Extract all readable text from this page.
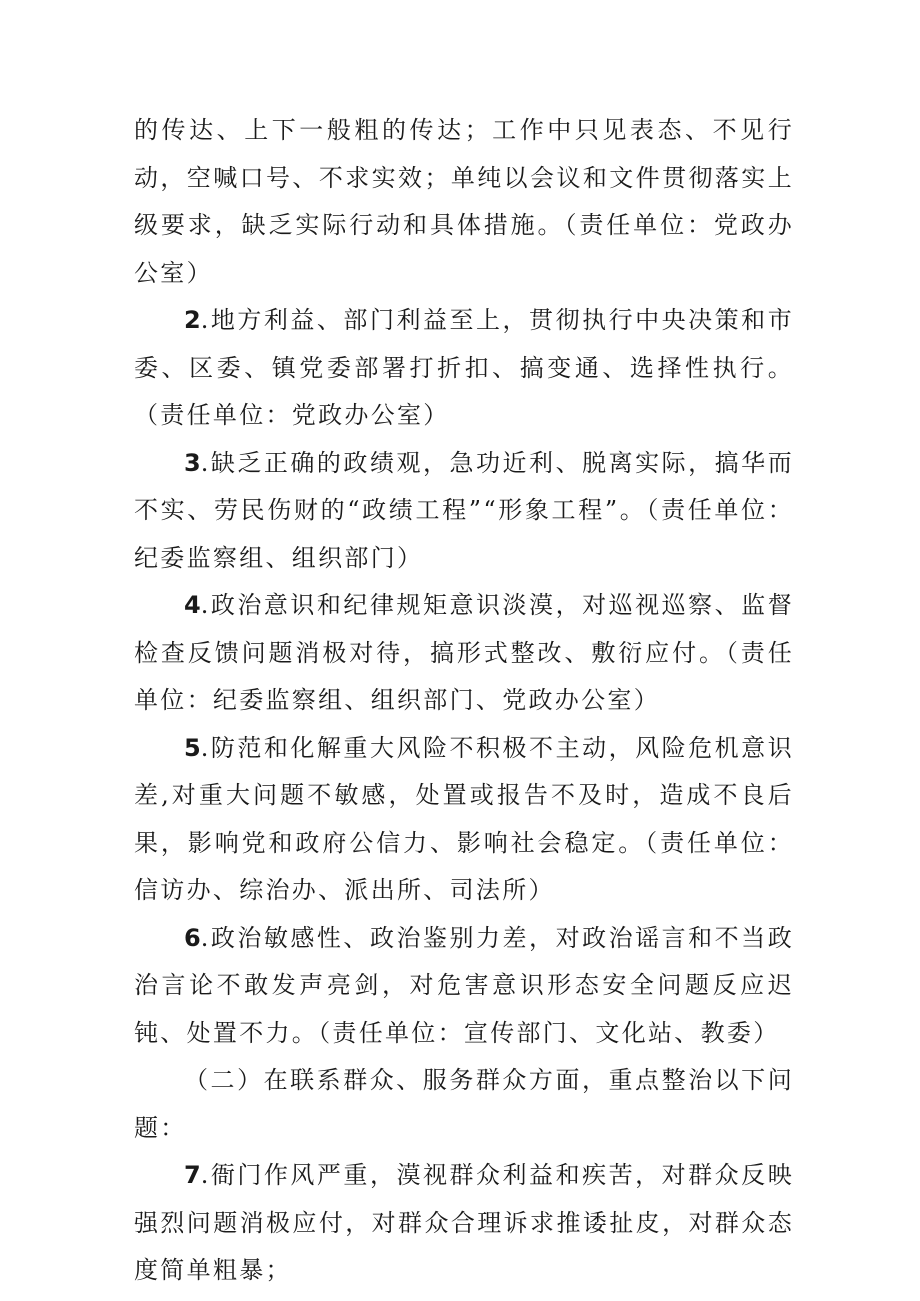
的传达、上下一般粗的传达；工作中只见表态、不见行动，空喊口号、不求实效；单纯以会议和文件贯彻落实上级要求，缺乏实际行动和具体措施。（责任单位：党政办公室）

2.地方利益、部门利益至上，贯彻执行中央决策和市委、区委、镇党委部署打折扣、搞变通、选择性执行。（责任单位：党政办公室）

3.缺乏正确的政绩观，急功近利、脱离实际，搞华而不实、劳民伤财的“政绩工程”“形象工程”。（责任单位：纪委监察组、组织部门）

4.政治意识和纪律规矩意识淡漠，对巡视巡察、监督检查反馈问题消极对待，搞形式整改、敷衍应付。（责任单位：纪委监察组、组织部门、党政办公室）

5.防范和化解重大风险不积极不主动，风险危机意识差,对重大问题不敏感，处置或报告不及时，造成不良后果，影响党和政府公信力、影响社会稳定。（责任单位：信访办、综治办、派出所、司法所）

6.政治敏感性、政治鉴别力差，对政治谣言和不当政治言论不敢发声亮剑，对危害意识形态安全问题反应迟钝、处置不力。（责任单位：宣传部门、文化站、教委）

（二）在联系群众、服务群众方面，重点整治以下问题：

7.衙门作风严重，漠视群众利益和疾苦，对群众反映强烈问题消极应付，对群众合理诉求推诿扯皮，对群众态度简单粗暴；
